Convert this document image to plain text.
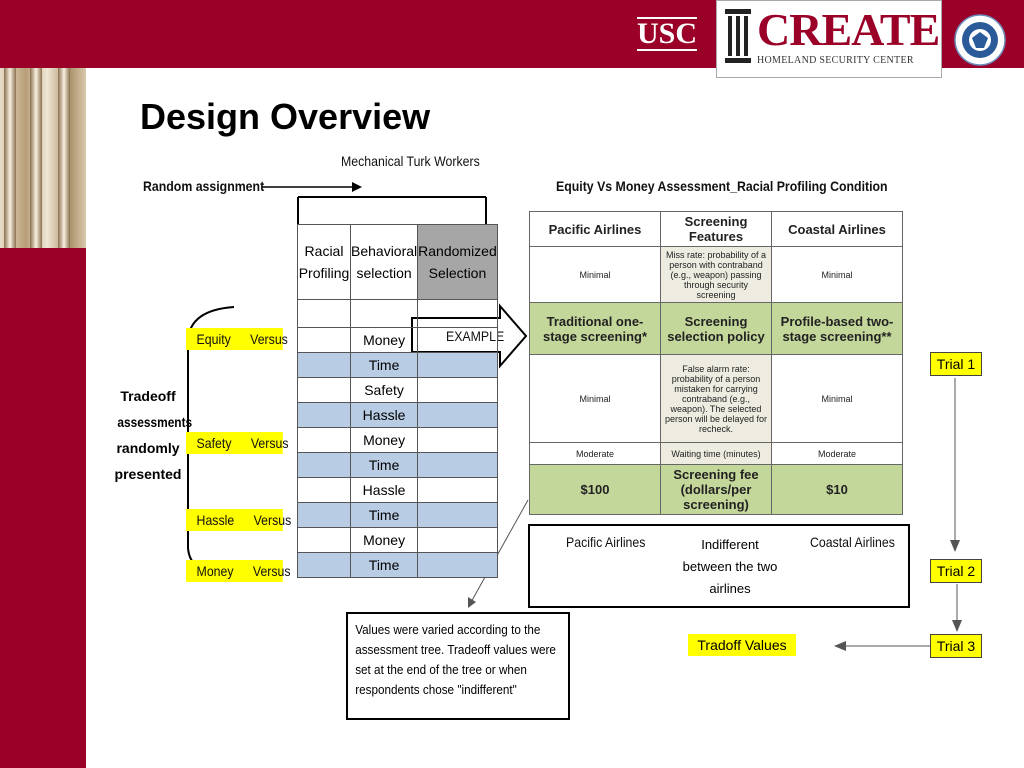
USC CREATE
HOMELAND SECURITY CENTER
Design Overview
Mechanical Turk Workers
Random assignment
EXAMPLE
Tradeoff
assessments
randomly
presented
Equity Versus
Safety Versus
Hassle Versus
Money Versus
Racial Profiling	Behavioral selection	Randomized Selection

	Money	
	Time	
	Safety	
	Hassle	
	Money	
	Time	
	Hassle	
	Time	
	Money	
	Time	
Equity Vs Money Assessment_Racial Profiling Condition
Pacific Airlines	Screening Features	Coastal Airlines
Minimal	Miss rate: probability of a person with contraband (e.g., weapon) passing through security screening	Minimal
Traditional one-stage screening*	Screening selection policy	Profile-based two-stage screening**
Minimal	False alarm rate: probability of a person mistaken for carrying contraband (e.g., weapon). The selected person will be delayed for recheck.	Minimal
Moderate	Waiting time (minutes)	Moderate
$100	Screening fee (dollars/per screening)	$10
Pacific Airlines	Indifferent between the two airlines
Coastal Airlines
Values were varied according to the assessment tree. Tradeoff values were set at the end of the tree or when respondents chose "indifferent"
Trial 1
Trial 2
Trial 3
Tradoff Values
